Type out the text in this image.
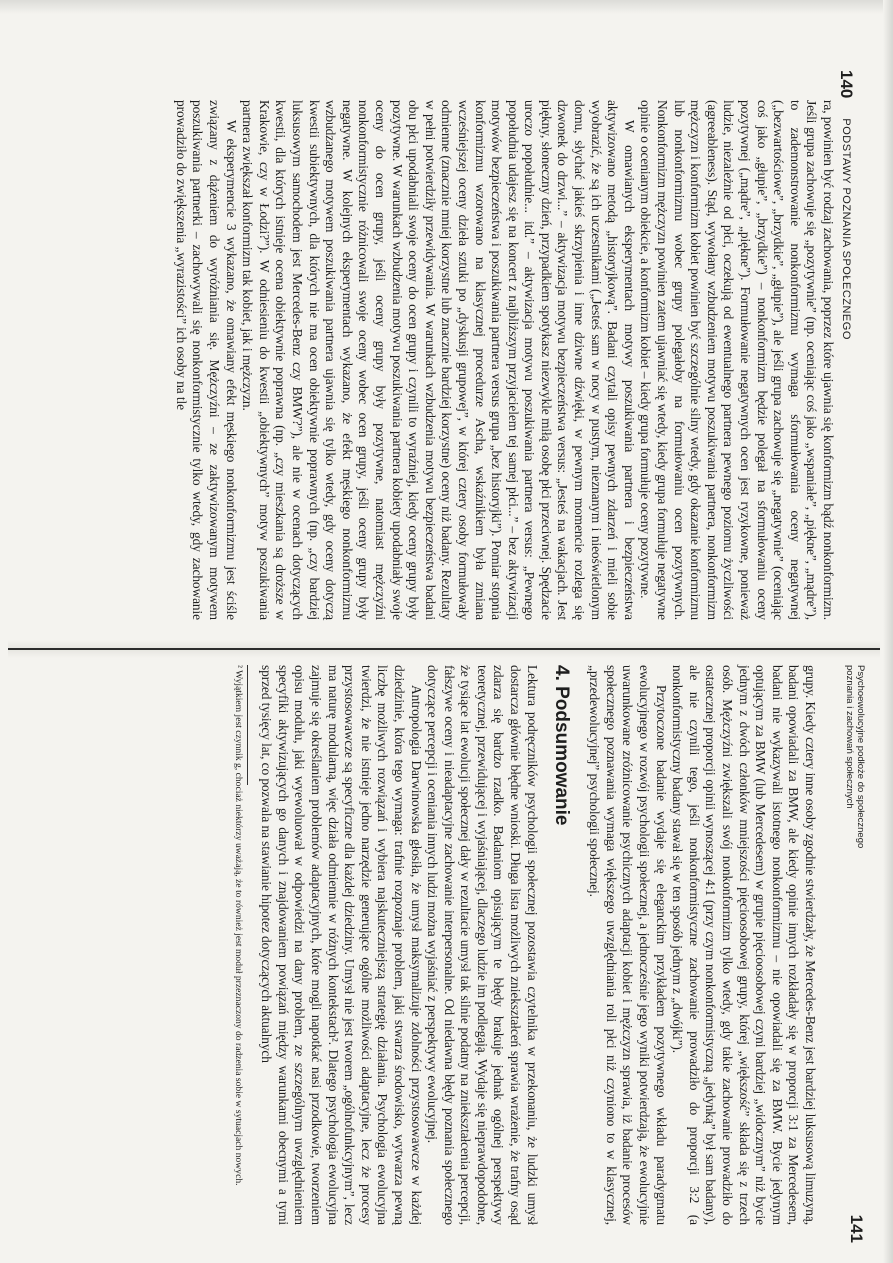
140
PODSTAWY POZNANIA SPOŁECZNEGO

ra, powinien być rodzaj zachowania, poprzez które ujawnia się konformizm bądź nonkonformizm. Jeśli grupa zachowuje się „pozytywnie” (np. oceniając coś jako „wspaniałe”, „piękne”, „mądre”), to zademonstrowanie nonkonformizmu wymaga sformułowania oceny negatywnej („bezwartościowe”, „brzydkie”, „głupie”), ale jeśli grupa zachowuje się „negatywnie” (oceniając coś jako „głupie”, „brzydkie”) – nonkonformizm będzie polegał na sformułowaniu oceny pozytywnej („mądre”, „piękne”). Formułowanie negatywnych ocen jest ryzykowne, ponieważ ludzie, niezależnie od płci, oczekują od ewentualnego partnera pewnego poziomu życzliwości (agreeableness). Stąd, wywołany wzbudzeniem motywu poszukiwania partnera, nonkonformizm mężczyzn i konformizm kobiet powinien być szczególnie silny wtedy, gdy okazanie konformizmu lub nonkonformizmu wobec grupy polegałoby na formułowaniu ocen pozytywnych. Nonkonformizm mężczyzn powinien zatem ujawniać się wtedy, kiedy grupa formułuje negatywne opinie o ocenianym obiekcie, a konformizm kobiet – kiedy grupa formułuje oceny pozytywne.

W omawianych eksperymentach motywy poszukiwania partnera i bezpieczeństwa aktywizowano metodą „historyjkową”. Badani czytali opisy pewnych zdarzeń i mieli sobie wyobrazić, że są ich uczestnikami („Jesteś sam w nocy w pustym, nieznanym i nieoświetlonym domu, słychać jakieś skrzypienia i inne dziwne dźwięki, w pewnym momencie rozlega się dzwonek do drzwi...” – aktywizacja motywu bezpieczeństwa versus: „Jesteś na wakacjach. Jest piękny, słoneczny dzień, przypadkiem spotykasz niezwykle miłą osobę płci przeciwnej. Spędzacie uroczo popołudnie... itd.” – aktywizacja motywu poszukiwania partnera versus: „Pewnego popołudnia udajesz się na koncert z najbliższym przyjacielem tej samej płci...” – bez aktywizacji motywów bezpieczeństwa i poszukiwania partnera versus grupa „bez historyjki”). Pomiar stopnia konformizmu wzorowano na klasycznej procedurze Ascha, wskaźnikiem była zmiana wcześniejszej oceny dzieła sztuki po „dyskusji grupowej”, w której cztery osoby formułowały odmienne (znacznie mniej korzystne lub znacznie bardziej korzystne) oceny niż badany. Rezultaty w pełni potwierdziły przewidywania. W warunkach wzbudzenia motywu bezpieczeństwa badani obu płci upodabniali swoje oceny do ocen grupy i czynili to wyraźniej, kiedy oceny grupy były pozytywne. W warunkach wzbudzenia motywu poszukiwania partnera kobiety upodabniały swoje oceny do ocen grupy, jeśli oceny grupy były pozytywne, natomiast mężczyźni nonkonformistycznie różnicowali swoje oceny wobec ocen grupy, jeśli oceny grupy były negatywne. W kolejnych eksperymentach wykazano, że efekt męskiego nonkonformizmu wzbudzanego motywem poszukiwania partnera ujawnia się tylko wtedy, gdy oceny dotyczą kwestii subiektywnych, dla których nie ma ocen obiektywnie poprawnych (np. „czy bardziej luksusowym samochodem jest Mercedes-Benz czy BMW?”), ale nie w ocenach dotyczących kwestii, dla których istnieje ocena obiektywnie poprawna (np. „czy mieszkania są droższe w Krakowie, czy w Łodzi?”). W odniesieniu do kwestii „obiektywnych” motyw poszukiwania partnera zwiększał konformizm tak kobiet, jak i mężczyzn.

W eksperymencie 3 wykazano, że omawiany efekt męskiego nonkonformizmu jest ściśle związany z dążeniem do wyróżniania się. Mężczyźni – ze zaktywizowanym motywem poszukiwania partnerki – zachowywali się nonkonformistycznie tylko wtedy, gdy zachowanie prowadziło do zwiększenia „wyrazistości” ich osoby na tle

Psychoewolucyjne podłoże do społecznego
poznania i zachowań społecznych
141

grupy. Kiedy cztery inne osoby zgodnie stwierdzały, że Mercedes-Benz jest bardziej luksusową limuzyną, badani opowiadali za BMW, ale kiedy opinie innych rozkładały się w proporcji 3:1 za Mercedesem, badani nie wykazywali istotnego nonkonformizmu – nie opowiadali się za BMW. Bycie jedynym optującym za BMW (lub Mercedesem) w grupie pięcioosobowej czyni bardziej „widocznym” niż bycie jednym z dwóch członków mniejszości pięcioosobowej grupy, której „większość” składa się z trzech osób. Mężczyźni zwiększali swój nonkonformizm tylko wtedy, gdy takie zachowanie prowadziło do ostatecznej proporcji opinii wynoszącej 4:1 (przy czym nonkonformistyczną „jedynką” był sam badany), ale nie czynili tego, jeśli nonkonformistyczne zachowanie prowadziło do proporcji 3:2 (a nonkonformistyczny badany stawał się w ten sposób jednym z „dwójki”).

Przytoczone badanie wydaje się eleganckim przykładem pozytywnego wkładu paradygmatu ewolucyjnego w rozwój psychologii społecznej, a jednocześnie jego wyniki potwierdzają, że ewolucyjnie uwarunkowane zróżnicowanie psychicznych adaptacji kobiet i mężczyzn sprawia, iż badanie procesów społecznego poznawania wymaga większego uwzględniania roli płci niż czyniono to w klasycznej, „przedewolucyjnej” psychologii społecznej.

4. Podsumowanie

Lektura podręczników psychologii społecznej pozostawia czytelnika w przekonaniu, że ludzki umysł dostarcza głównie błędne wnioski. Długa lista możliwych zniekształceń sprawia wrażenie, że trafny osąd zdarza się bardzo rzadko. Badaniom opisującym te błędy brakuje jednak ogólnej perspektywy teoretycznej, przewidującej i wyjaśniającej, dlaczego ludzie im podlegają. Wydaje się nieprawdopodobne, że tysiące lat ewolucji społecznej dały w rezultacie umysł tak silnie podatny na zniekształcenia percepcji, fałszywe oceny i nieadaptacyjne zachowanie interpersonalne. Od niedawna błędy poznania społecznego dotyczące percepcji i oceniania innych ludzi można wyjaśniać z perspektywy ewolucyjnej.

Antropologia Darwinowska głosiła, że umysł maksymalizuje zdolności przystosowawcze w każdej dziedzinie, która tego wymaga: trafnie rozpoznaje problem, jaki stwarza środowisko, wytwarza pewną liczbę możliwych rozwiązań i wybiera najskuteczniejszą strategię działania. Psychologia ewolucyjna twierdzi, że nie istnieje jedno narzędzie generujące ogólne możliwości adaptacyjne, lecz że procesy przystosowawcze są specyficzne dla każdej dziedziny. Umysł nie jest tworem „ogólnofunkcyjnym”, lecz ma naturę modularną, więc działa odmiennie w różnych kontekstach². Dlatego psychologia ewolucyjna zajmuje się określaniem problemów adaptacyjnych, które mogli napotkać nasi przodkowie, tworzeniem opisu modułu, jaki wyewoluował w odpowiedzi na dany problem, ze szczególnym uwzględnieniem specyfiki aktywizujących go danych i znajdowaniem powiązań między warunkami obecnymi a tymi sprzed tysięcy lat, co pozwala na stawianie hipotez dotyczących aktualnych

² Wyjątkiem jest czynnik g, chociaż niektórzy uważają, że to również jest moduł przeznaczony do radzenia sobie w sytuacjach nowych.
